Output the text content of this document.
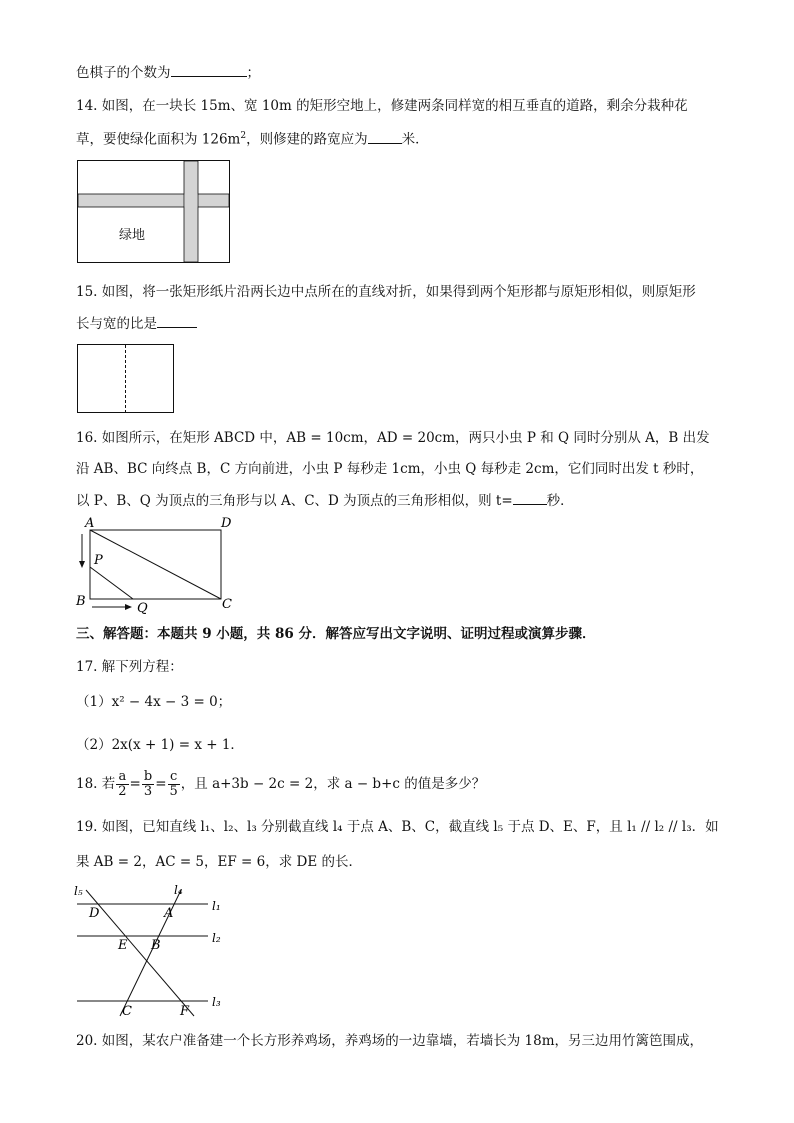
色棋子的个数为	；
14. 如图，在一块长 15m、宽 10m 的矩形空地上，修建两条同样宽的相互垂直的道路，剩余分栽种花
草，要使绿化面积为 $126m^2$，则修建的路宽应为	米．
绿地
15. 如图，将一张矩形纸片沿两长边中点所在的直线对折，如果得到两个矩形都与原矩形相似，则原矩形
长与宽的比是
16. 如图所示，在矩形 ABCD 中，AB = 10cm，AD = 20cm，两只小虫 P 和 Q 同时分别从 A，B 出发
沿 AB、BC 向终点 B，C 方向前进，小虫 P 每秒走 1cm，小虫 Q 每秒走 2cm，它们同时出发 t 秒时，
以 P、B、Q 为顶点的三角形与以 A、C、D 为顶点的三角形相似，则 t=	秒．
A	D
P
B	Q	C
三、解答题：本题共 9 小题，共 86 分．解答应写出文字说明、证明过程或演算步骤．
17. 解下列方程：
（1）x² − 4x − 3 = 0；
（2）2x(x + 1) = x + 1．
18. 若 $\frac{a}{2} = \frac{b}{3} = \frac{c}{5}$ ，且 a+3b − 2c = 2，求 a − b+c 的值是多少？
19. 如图，已知直线 l₁、l₂、l₃ 分别截直线 l₄ 于点 A、B、C，截直线 l₅ 于点 D、E、F，且 l₁ // l₂ // l₃．如
果 AB = 2，AC = 5，EF = 6，求 DE 的长．
l₅	l₄
l₁
l₂
l₃
D	A
E B
C	F
20. 如图，某农户准备建一个长方形养鸡场，养鸡场的一边靠墙，若墙长为 18m，另三边用竹篱笆围成，
